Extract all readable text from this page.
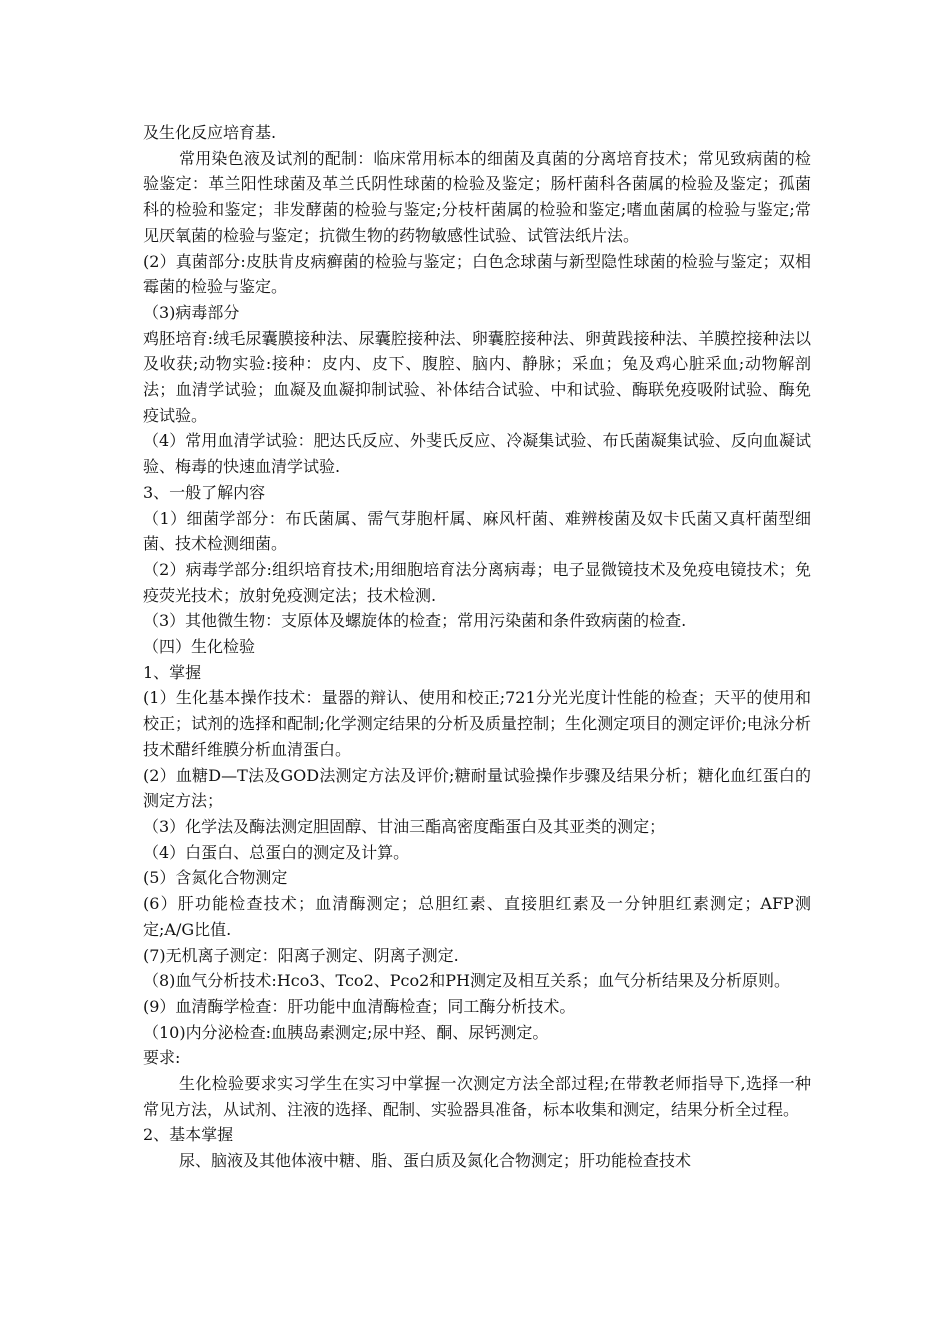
及生化反应培育基.

常用染色液及试剂的配制：临床常用标本的细菌及真菌的分离培育技术；常见致病菌的检验鉴定：革兰阳性球菌及革兰氏阴性球菌的检验及鉴定；肠杆菌科各菌属的检验及鉴定；孤菌科的检验和鉴定；非发酵菌的检验与鉴定;分枝杆菌属的检验和鉴定;嗜血菌属的检验与鉴定;常见厌氧菌的检验与鉴定；抗微生物的药物敏感性试验、试管法纸片法。

(2）真菌部分:皮肤肯皮病癣菌的检验与鉴定；白色念球菌与新型隐性球菌的检验与鉴定；双相霉菌的检验与鉴定。

（3)病毒部分

鸡胚培育:绒毛尿囊膜接种法、尿囊腔接种法、卵囊腔接种法、卵黄践接种法、羊膜控接种法以及收获;动物实验:接种：皮内、皮下、腹腔、脑内、静脉；采血；兔及鸡心脏采血;动物解剖法；血清学试验；血凝及血凝抑制试验、补体结合试验、中和试验、酶联免疫吸附试验、酶免疫试验。

（4）常用血清学试验：肥达氏反应、外斐氏反应、冷凝集试验、布氏菌凝集试验、反向血凝试验、梅毒的快速血清学试验.

3、一般了解内容

（1）细菌学部分：布氏菌属、需气芽胞杆属、麻风杆菌、难辨梭菌及奴卡氏菌又真杆菌型细菌、技术检测细菌。

（2）病毒学部分:组织培育技术;用细胞培育法分离病毒；电子显微镜技术及免疫电镜技术；免疫荧光技术；放射免疫测定法；技术检测.

（3）其他微生物：支原体及螺旋体的检查；常用污染菌和条件致病菌的检查.

（四）生化检验

1、掌握

(1）生化基本操作技术：量器的辩认、使用和校正;721分光光度计性能的检查；天平的使用和校正；试剂的选择和配制;化学测定结果的分析及质量控制；生化测定项目的测定评价;电泳分析技术醋纤维膜分析血清蛋白。

(2）血糖D—T法及GOD法测定方法及评价;糖耐量试验操作步骤及结果分析；糖化血红蛋白的测定方法；

（3）化学法及酶法测定胆固醇、甘油三酯高密度酯蛋白及其亚类的测定；

（4）白蛋白、总蛋白的测定及计算。

(5）含氮化合物测定

(6）肝功能检查技术；血清酶测定；总胆红素、直接胆红素及一分钟胆红素测定；AFP测定;A/G比值.

(7)无机离子测定：阳离子测定、阴离子测定.

（8)血气分析技术:Hco3、Tco2、Pco2和PH测定及相互关系；血气分析结果及分析原则。

(9）血清酶学检查：肝功能中血清酶检查；同工酶分析技术。

（10)内分泌检查:血胰岛素测定;尿中羟、酮、尿钙测定。

要求:

生化检验要求实习学生在实习中掌握一次测定方法全部过程;在带教老师指导下,选择一种常见方法，从试剂、注液的选择、配制、实验器具准备，标本收集和测定，结果分析全过程。

2、基本掌握

尿、脑液及其他体液中糖、脂、蛋白质及氮化合物测定；肝功能检查技术
